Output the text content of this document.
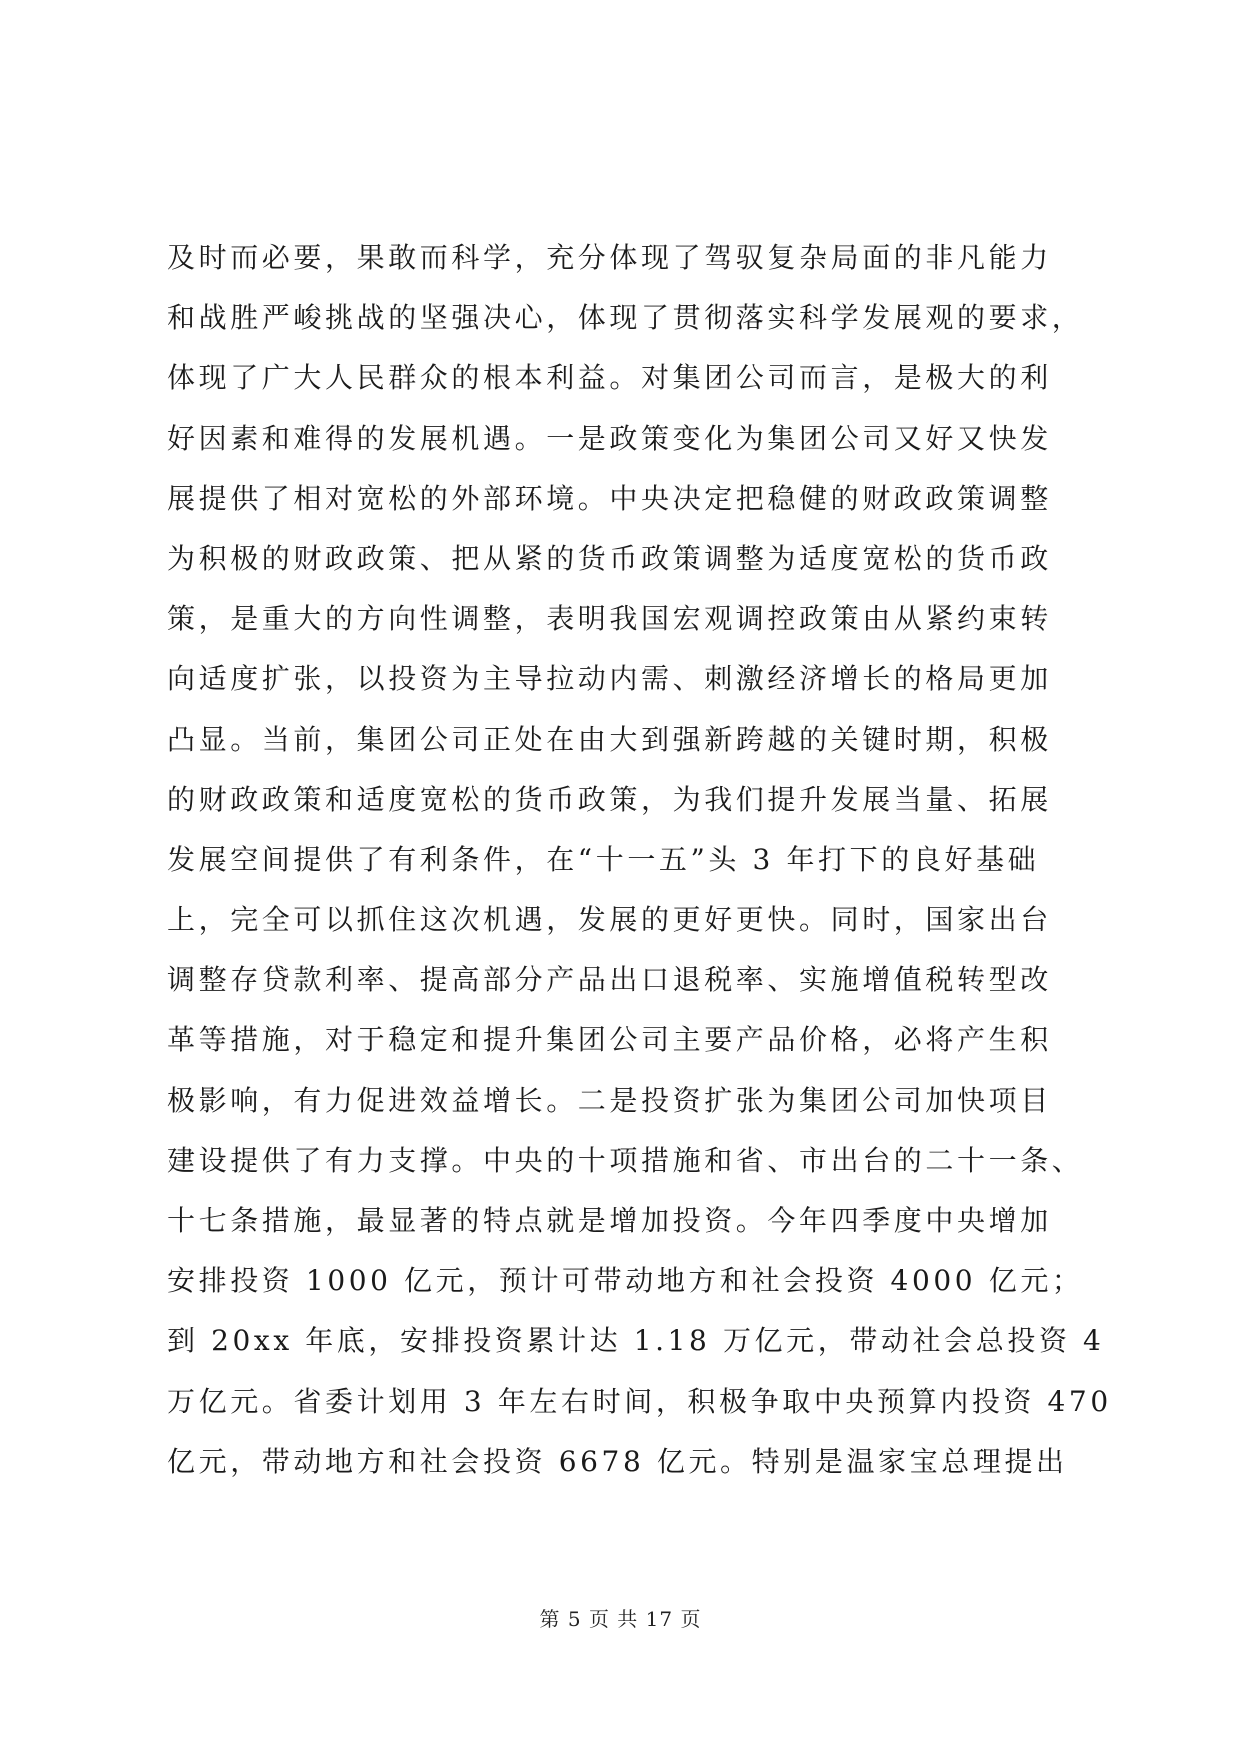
及时而必要，果敢而科学，充分体现了驾驭复杂局面的非凡能力
和战胜严峻挑战的坚强决心，体现了贯彻落实科学发展观的要求，
体现了广大人民群众的根本利益。对集团公司而言，是极大的利
好因素和难得的发展机遇。一是政策变化为集团公司又好又快发
展提供了相对宽松的外部环境。中央决定把稳健的财政政策调整
为积极的财政政策、把从紧的货币政策调整为适度宽松的货币政
策，是重大的方向性调整，表明我国宏观调控政策由从紧约束转
向适度扩张，以投资为主导拉动内需、刺激经济增长的格局更加
凸显。当前，集团公司正处在由大到强新跨越的关键时期，积极
的财政政策和适度宽松的货币政策，为我们提升发展当量、拓展
发展空间提供了有利条件，在“十一五”头 3 年打下的良好基础
上，完全可以抓住这次机遇，发展的更好更快。同时，国家出台
调整存贷款利率、提高部分产品出口退税率、实施增值税转型改
革等措施，对于稳定和提升集团公司主要产品价格，必将产生积
极影响，有力促进效益增长。二是投资扩张为集团公司加快项目
建设提供了有力支撑。中央的十项措施和省、市出台的二十一条、
十七条措施，最显著的特点就是增加投资。今年四季度中央增加
安排投资 1000 亿元，预计可带动地方和社会投资 4000 亿元；
到 20xx 年底，安排投资累计达 1.18 万亿元，带动社会总投资 4
万亿元。省委计划用 3 年左右时间，积极争取中央预算内投资 470
亿元，带动地方和社会投资 6678 亿元。特别是温家宝总理提出
第 5 页 共 17 页
